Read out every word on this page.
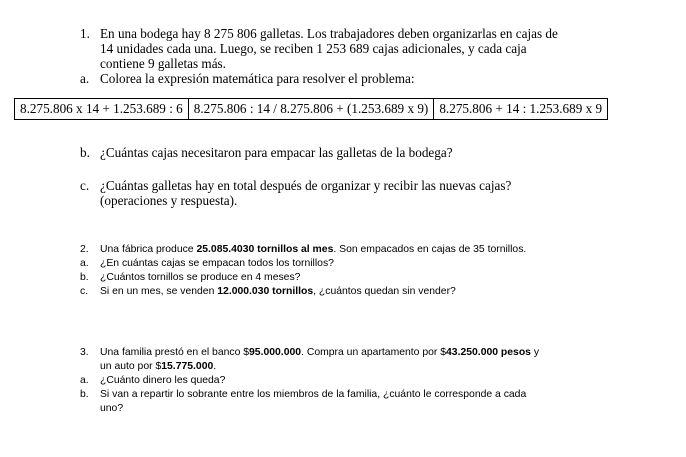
1. En una bodega hay 8 275 806 galletas. Los trabajadores deben organizarlas en cajas de
14 unidades cada una. Luego, se reciben 1 253 689 cajas adicionales, y cada caja
contiene 9 galletas más.
a. Colorea la expresión matemática para resolver el problema:
8.275.806 x 14 + 1.253.689 : 6	8.275.806 : 14 / 8.275.806 + (1.253.689 x 9)	8.275.806 + 14 : 1.253.689 x 9
b. ¿Cuántas cajas necesitaron para empacar las galletas de la bodega?
c. ¿Cuántas galletas hay en total después de organizar y recibir las nuevas cajas?
(operaciones y respuesta).
2. Una fábrica produce 25.085.4030 tornillos al mes. Son empacados en cajas de 35 tornillos.
a. ¿En cuántas cajas se empacan todos los tornillos?
b. ¿Cuántos tornillos se produce en 4 meses?
c. Si en un mes, se venden 12.000.030 tornillos, ¿cuántos quedan sin vender?
3. Una familia prestó en el banco $95.000.000. Compra un apartamento por $43.250.000 pesos y
un auto por $15.775.000.
a. ¿Cuánto dinero les queda?
b. Si van a repartir lo sobrante entre los miembros de la familia, ¿cuánto le corresponde a cada
uno?
